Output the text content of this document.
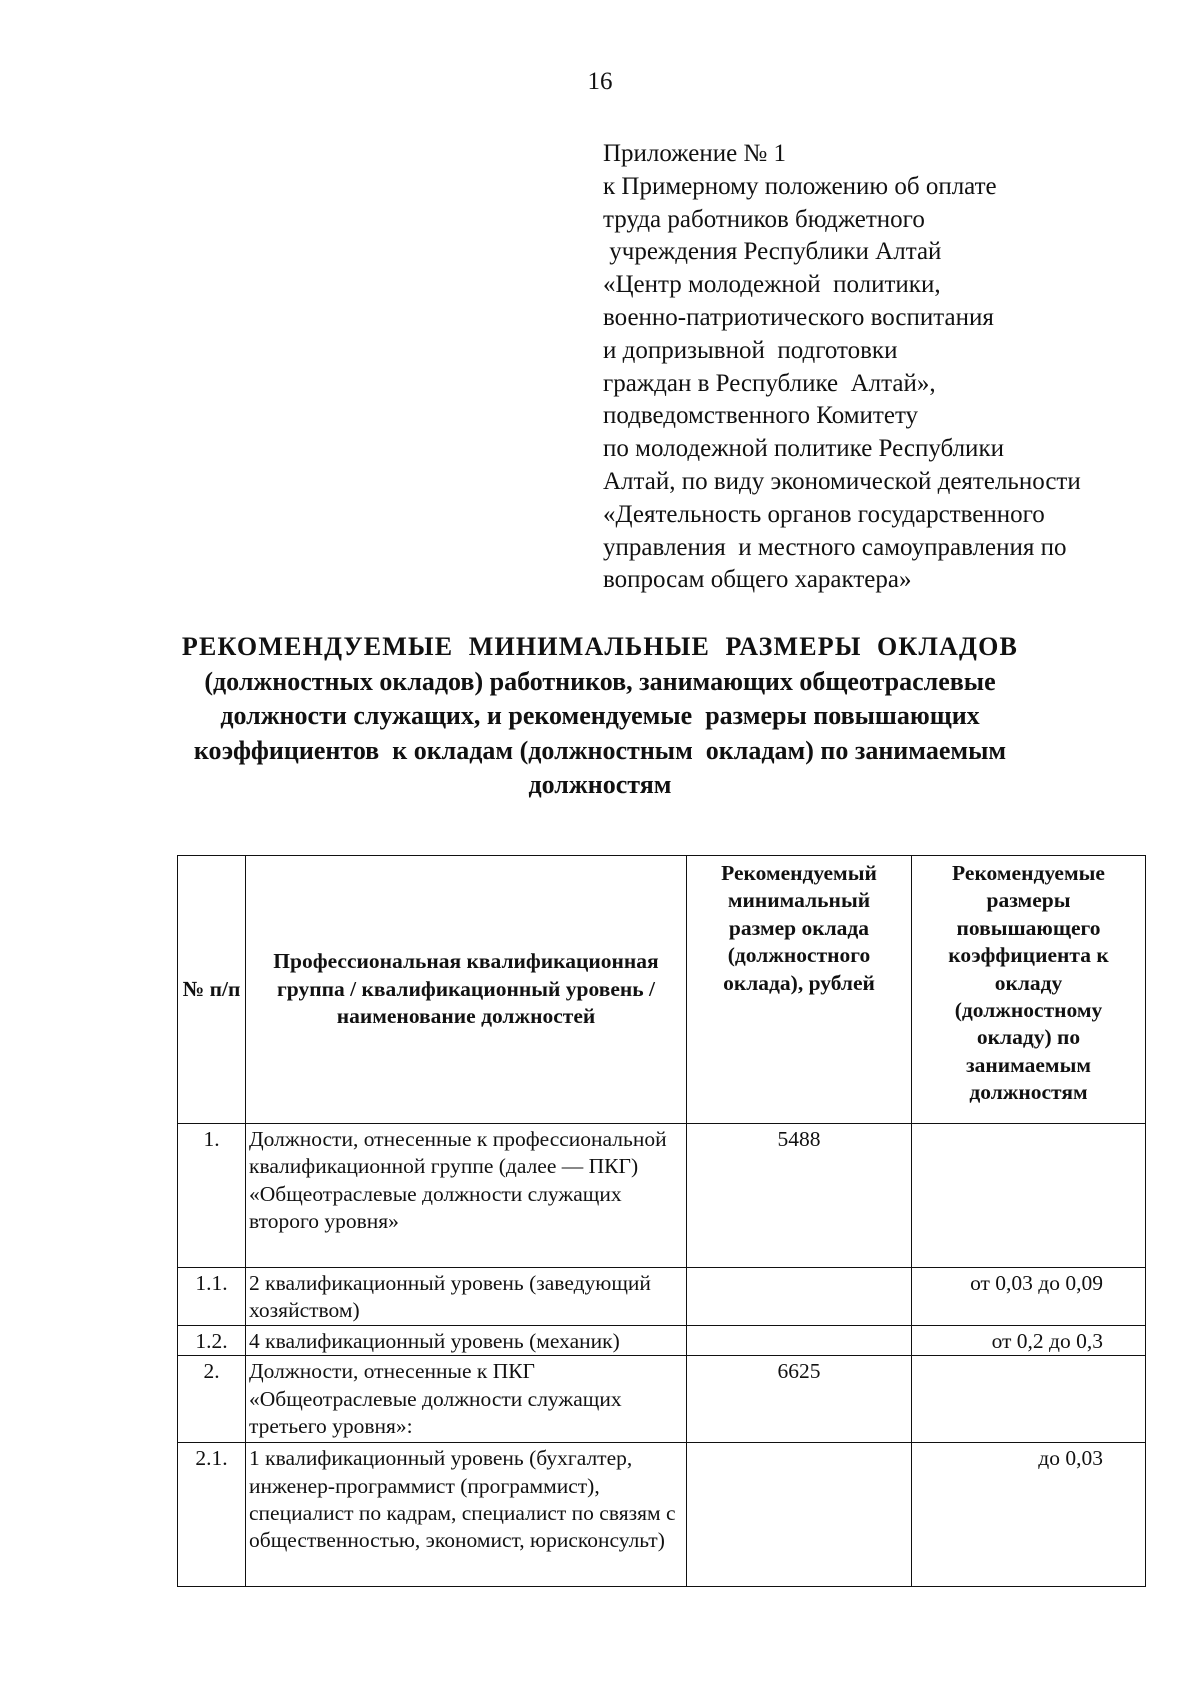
16
Приложение № 1
к Примерному положению об оплате
труда работников бюджетного
учреждения Республики Алтай
«Центр молодежной  политики,
военно-патриотического воспитания
и допризывной  подготовки
граждан в Республике  Алтай»,
подведомственного Комитету
по молодежной политике Республики
Алтай, по виду экономической деятельности
«Деятельность органов государственного
управления  и местного самоуправления по
вопросам общего характера»
РЕКОМЕНДУЕМЫЕ  МИНИМАЛЬНЫЕ  РАЗМЕРЫ  ОКЛАДОВ
(должностных окладов) работников, занимающих общеотраслевые
должности служащих, и рекомендуемые  размеры повышающих
коэффициентов  к окладам (должностным  окладам) по занимаемым
должностям
№ п/п	Профессиональная квалификационная группа / квалификационный уровень / наименование должностей	Рекомендуемый минимальный размер оклада (должностного оклада), рублей	Рекомендуемые размеры повышающего коэффициента к окладу (должностному окладу) по занимаемым должностям
1.	Должности, отнесенные к профессиональной квалификационной группе (далее — ПКГ) «Общеотраслевые должности служащих второго уровня»	5488	
1.1.	2 квалификационный уровень (заведующий хозяйством)		от 0,03 до 0,09
1.2.	4 квалификационный уровень (механик)		от 0,2 до 0,3
2.	Должности, отнесенные к ПКГ «Общеотраслевые должности служащих третьего уровня»:	6625	
2.1.	1 квалификационный уровень (бухгалтер, инженер-программист (программист), специалист по кадрам, специалист по связям с общественностью, экономист, юрисконсульт)		до 0,03
